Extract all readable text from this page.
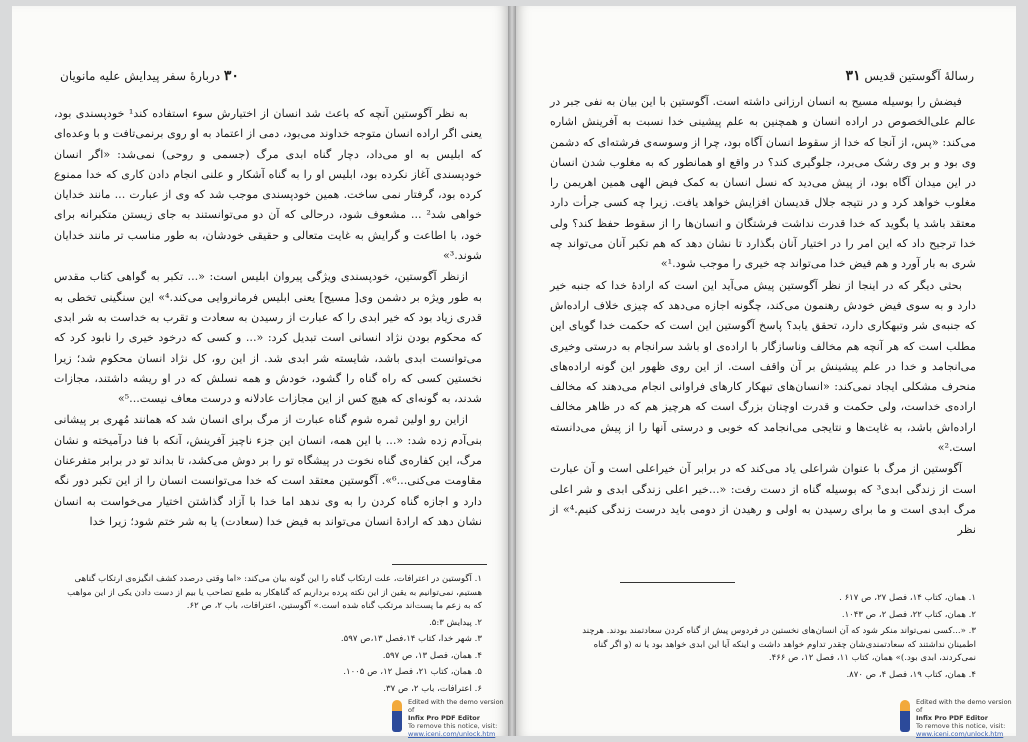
۳۰ دربارهٔ سفر پیدایش علیه مانویان

به نظر آگوستین آنچه که باعث شد انسان از اختیارش سوء استفاده کند¹ خودپسندی بود، یعنی اگر اراده انسان متوجه خداوند می‌بود، دمی از اعتماد به او روی برنمی‌تافت و با وعده‌ای که ابلیس به او می‌داد، دچار گناه ابدی مرگ (جسمی و روحی) نمی‌شد: «اگر انسان خودپسندی آغاز نکرده بود، ابلیس او را به گناه آشکار و علنی انجام دادن کاری که خدا ممنوع کرده بود، گرفتار نمی ساخت. همین خودپسندی موجب شد که وی از عبارت ... مانند خدایان خواهی شد² ... مشعوف شود، درحالی که آن دو می‌توانستند به جای زیستن متکبرانه برای خود، با اطاعت و گرایش به غایت متعالی و حقیقی خودشان، به طور مناسب تر مانند خدایان شوند.³»

ازنظر آگوستین، خودپسندی ویژگی پیروان ابلیس است: «... تکبر به گواهی کتاب مقدس به طور ویژه بر دشمن وی[ مسیح] یعنی ابلیس فرمانروایی می‌کند.⁴» این سنگینی تخطی به قدری زیاد بود که خیر ابدی را که عبارت از رسیدن به سعادت و تقرب به خداست به شر ابدی که محکوم بودن نژاد انسانی است تبدیل کرد: «... و کسی که درخود خیری را نابود کرد که می‌توانست ابدی باشد، شایسته شر ابدی شد. از این رو، کل نژاد انسان محکوم شد؛ زیرا نخستین کسی که راه گناه را گشود، خودش و همه نسلش که در او ریشه داشتند، مجازات شدند، به گونه‌ای که هیچ کس از این مجازات عادلانه و درست معاف نیست...⁵»

ازاین رو اولین ثمره شوم گناه عبارت از مرگ برای انسان شد که همانند مُهری بر پیشانی بنی‌آدم زده شد: «... با این همه، انسان این جزء ناچیز آفرینش، آنکه با فنا درآمیخته و نشان مرگ، این کفاره‌ی گناه نخوت در پیشگاه تو را بر دوش می‌کشد، تا بداند تو در برابر متفرعنان مقاومت می‌کنی...⁶». آگوستین معتقد است که خدا می‌توانست انسان را از این تکبر دور نگه دارد و اجازه گناه کردن را به وی ندهد اما خدا با آزاد گذاشتن اختیار می‌خواست به انسان نشان دهد که ارادهٔ انسان می‌تواند به فیض خدا (سعادت) یا به شر ختم شود؛ زیرا خدا

۱. آگوستین در اعترافات، علت ارتکاب گناه را این گونه بیان می‌کند: «اما وقتی درصدد کشف انگیزه‌ی ارتکاب گناهی هستیم، نمی‌توانیم به یقین از این نکته پرده برداریم که گناهکار به طمع تصاحب یا بیم از دست دادن یکی از این مواهب که به زعم ما پست‌اند مرتکب گناه شده است.» آگوستین، اعترافات، باب ۲، ص ۶۲.

۲. پیدایش ۵:۳.

۳. شهر خدا، کتاب ۱۴،فصل ۱۳،ص ۵۹۷.

۴. همان، فصل ۱۳، ص ۵۹۷.

۵. همان، کتاب ۲۱، فصل ۱۲، ص ۱۰۰۵.

۶. اعترافات، باب ۲، ص ۳۷.

رسالهٔ آگوستین قدیس ۳۱

فیضش را بوسیله مسیح به انسان ارزانی داشته است. آگوستین با این بیان به نفی جبر در عالم علی‌الخصوص در اراده انسان و همچنین به علم پیشینی خدا نسبت به آفرینش اشاره می‌کند: «پس، از آنجا که خدا از سقوط انسان آگاه بود، چرا از وسوسه‌ی فرشته‌ای که دشمن وی بود و بر وی رشک می‌برد، جلوگیری کند؟ در واقع او همانطور که به مغلوب شدن انسان در این میدان آگاه بود، از پیش می‌دید که نسل انسان به کمک فیض الهی همین اهریمن را مغلوب خواهد کرد و در نتیجه جلال قدیسان افزایش خواهد یافت. زیرا چه کسی جرأت دارد معتقد باشد یا بگوید که خدا قدرت نداشت فرشتگان و انسان‌ها را از سقوط حفظ کند؟ ولی خدا ترجیح داد که این امر را در اختیار آنان بگذارد تا نشان دهد که هم تکبر آنان می‌تواند چه شری به بار آورد و هم فیض خدا می‌تواند چه خیری را موجب شود.¹»

بحثی دیگر که در اینجا از نظر آگوستین پیش می‌آید این است که ارادهٔ خدا که جنبه خیر دارد و به سوی فیض خودش رهنمون می‌کند، چگونه اجازه می‌دهد که چیزی خلاف اراده‌اش که جنبه‌ی شر وتبهکاری دارد، تحقق یابد؟ پاسخ آگوستین این است که حکمت خدا گویای این مطلب است که هر آنچه هم مخالف وناسازگار با اراده‌ی او باشد سرانجام به درستی وخیری می‌انجامد و خدا در علم پیشینش بر آن واقف است. از این روی ظهور این گونه اراده‌های منحرف مشکلی ایجاد نمی‌کند: «انسان‌های تبهکار کارهای فراوانی انجام می‌دهند که مخالف اراده‌ی خداست، ولی حکمت و قدرت اوچنان بزرگ است که هرچیز هم که در ظاهر مخالف اراده‌اش باشد، به غایت‌ها و نتایجی می‌انجامد که خوبی و درستی آنها را از پیش می‌دانسته است.²»

آگوستین از مرگ با عنوان شراعلی یاد می‌کند که در برابر آن خیراعلی است و آن عبارت است از زندگی ابدی³ که بوسیله گناه از دست رفت: «...خیر اعلی زندگی ابدی و شر اعلی مرگ ابدی است و ما برای رسیدن به اولی و رهیدن از دومی باید درست زندگی کنیم.⁴» از نظر

۱. همان، کتاب ۱۴، فصل ۲۷، ص ۶۱۷ .

۲. همان، کتاب ۲۲، فصل ۲، ص ۱۰۴۳.

۳. «...کسی نمی‌تواند منکر شود که آن انسان‌های نخستین در فردوس پیش از گناه کردن سعادتمند بودند. هرچند اطمینان نداشتند که سعادتمندی‌شان چقدر تداوم خواهد داشت و اینکه آیا این ابدی خواهد بود یا نه (و اگر گناه نمی‌کردند، ابدی بود.)» همان، کتاب ۱۱، فصل ۱۲، ص ۴۶۶.

۴. همان، کتاب ۱۹، فصل ۴، ص ۸۷۰.

Edited with the demo version of
Infix Pro PDF Editor
To remove this notice, visit:
www.iceni.com/unlock.htm
Edited with the demo version of
Infix Pro PDF Editor
To remove this notice, visit:
www.iceni.com/unlock.htm
